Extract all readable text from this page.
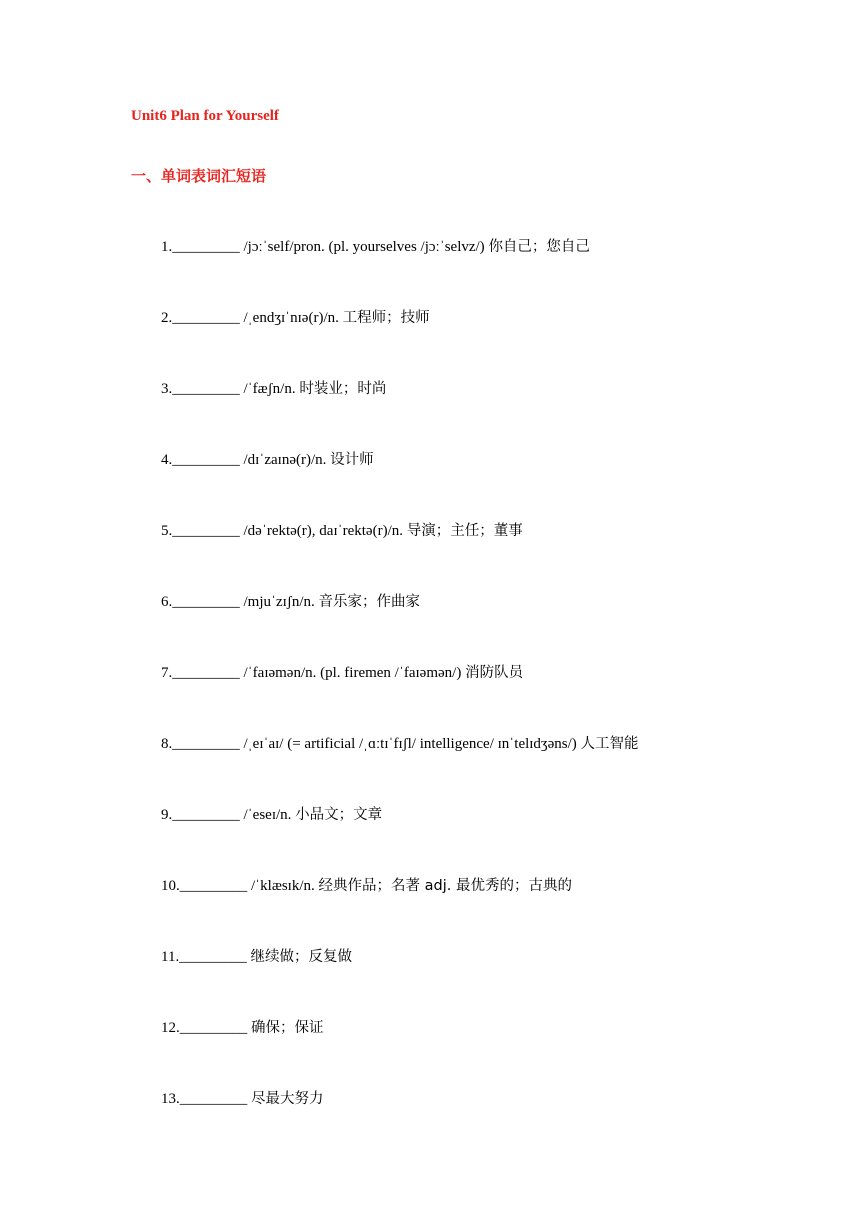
Unit6 Plan for Yourself
一、单词表词汇短语
1._________ /jɔːˈself/pron. (pl. yourselves /jɔːˈselvz/) 你自己；您自己
2._________ /ˌendʒɪˈnɪə(r)/n. 工程师；技师
3._________ /ˈfæʃn/n. 时装业；时尚
4._________ /dɪˈzaɪnə(r)/n. 设计师
5._________ /dəˈrektə(r), daɪˈrektə(r)/n. 导演；主任；董事
6._________ /mjuˈzɪʃn/n. 音乐家；作曲家
7._________ /ˈfaɪəmən/n. (pl. firemen /ˈfaɪəmən/) 消防队员
8._________ /ˌeɪˈaɪ/ (= artificial /ˌɑːtɪˈfɪʃl/ intelligence/ ɪnˈtelɪdʒəns/) 人工智能
9._________ /ˈeseɪ/n. 小品文；文章
10._________ /ˈklæsɪk/n. 经典作品；名著 adj. 最优秀的；古典的
11._________ 继续做；反复做
12._________ 确保；保证
13._________ 尽最大努力
